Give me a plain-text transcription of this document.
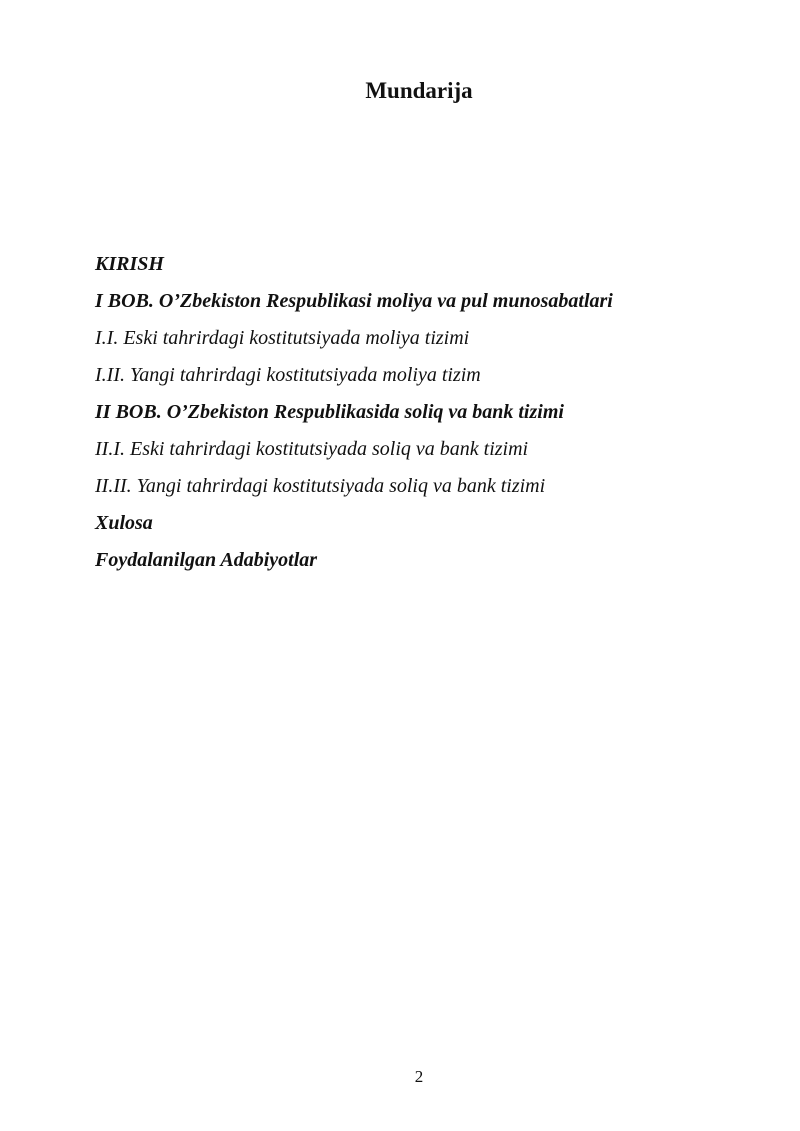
Mundarija
KIRISH
I BOB. O’Zbekiston Respublikasi moliya va pul munosabatlari
I.I. Eski tahrirdagi kostitutsiyada moliya tizimi
I.II. Yangi tahrirdagi kostitutsiyada moliya tizim
II BOB. O’Zbekiston Respublikasida soliq va bank tizimi
II.I. Eski tahrirdagi kostitutsiyada soliq va bank tizimi
II.II. Yangi tahrirdagi kostitutsiyada soliq va bank tizimi
Xulosa
Foydalanilgan Adabiyotlar
2
